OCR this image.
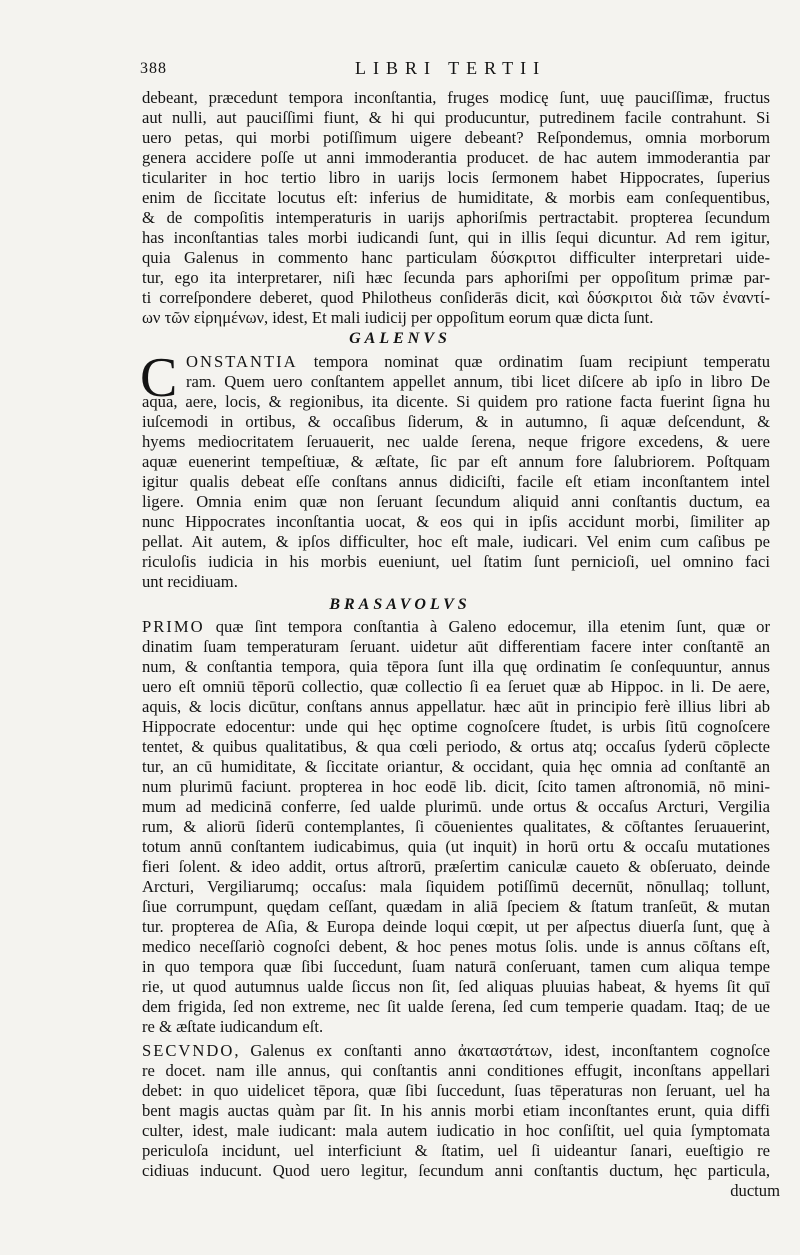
388	LIBRI TERTII
debeant, præcedunt tempora inconſtantia, fruges modicę ſunt, uuę pauciſſimæ, fructus
aut nulli, aut pauciſſimi fiunt, & hi qui producuntur, putredinem facile contrahunt. Si
uero petas, qui morbi potiſſimum uigere debeant? Reſpondemus, omnia morborum
genera accidere poſſe ut anni immoderantia producet. de hac autem immoderantia par
ticulariter in hoc tertio libro in uarijs locis ſermonem habet Hippocrates, ſuperius
enim de ſiccitate locutus eſt: inferius de humiditate, & morbis eam conſequentibus,
& de compoſitis intemperaturis in uarijs aphoriſmis pertractabit. propterea ſecundum
has inconſtantias tales morbi iudicandi ſunt, qui in illis ſequi dicuntur. Ad rem igitur,
quia Galenus in commento hanc particulam δύσκριτοι difficulter interpretari uide-
tur, ego ita interpretarer, niſi hæc ſecunda pars aphoriſmi per oppoſitum primæ par-
ti correſpondere deberet, quod Philotheus conſiderās dicit, καὶ δύσκριτοι διὰ τῶν ἐναντί-
ων τῶν εἰρημένων, idest, Et mali iudicij per oppoſitum eorum quæ dicta ſunt.
GALENVS
C ONSTANTIA tempora nominat quæ ordinatim ſuam recipiunt temperatu
ram. Quem uero conſtantem appellet annum, tibi licet diſcere ab ipſo in libro De
aqua, aere, locis, & regionibus, ita dicente. Si quidem pro ratione facta fuerint ſigna hu
iuſcemodi in ortibus, & occaſibus ſiderum, & in autumno, ſi aquæ deſcendunt, &
hyems mediocritatem ſeruauerit, nec ualde ſerena, neque frigore excedens, & uere
aquæ euenerint tempeſtiuæ, & æſtate, ſic par eſt annum fore ſalubriorem. Poſtquam
igitur qualis debeat eſſe conſtans annus didiciſti, facile eſt etiam inconſtantem intel
ligere. Omnia enim quæ non ſeruant ſecundum aliquid anni conſtantis ductum, ea
nunc Hippocrates inconſtantia uocat, & eos qui in ipſis accidunt morbi, ſimiliter ap
pellat. Ait autem, & ipſos difficulter, hoc eſt male, iudicari. Vel enim cum caſibus pe
riculoſis iudicia in his morbis eueniunt, uel ſtatim ſunt pernicioſi, uel omnino faci
unt recidiuam.
BRASAVOLVS
PRIMO quæ ſint tempora conſtantia à Galeno edocemur, illa etenim ſunt, quæ or
dinatim ſuam temperaturam ſeruant. uidetur aūt differentiam facere inter conſtantē an
num, & conſtantia tempora, quia tēpora ſunt illa quę ordinatim ſe conſequuntur, annus
uero eſt omniū tēporū collectio, quæ collectio ſi ea ſeruet quæ ab Hippoc. in li. De aere,
aquis, & locis dicūtur, conſtans annus appellatur. hæc aūt in principio ferè illius libri ab
Hippocrate edocentur: unde qui hęc optime cognoſcere ſtudet, is urbis ſitū cognoſcere
tentet, & quibus qualitatibus, & qua cœli periodo, & ortus atq; occaſus ſyderū cōplecte
tur, an cū humiditate, & ſiccitate oriantur, & occidant, quia hęc omnia ad conſtantē an
num plurimū faciunt. propterea in hoc eodē lib. dicit, ſcito tamen aſtronomiā, nō mini-
mum ad medicinā conferre, ſed ualde plurimū. unde ortus & occaſus Arcturi, Vergilia
rum, & aliorū ſiderū contemplantes, ſi cōuenientes qualitates, & cōſtantes ſeruauerint,
totum annū conſtantem iudicabimus, quia (ut inquit) in horū ortu & occaſu mutationes
fieri ſolent. & ideo addit, ortus aſtrorū, præſertim caniculæ caueto & obſeruato, deinde
Arcturi, Vergiliarumq; occaſus: mala ſiquidem potiſſimū decernūt, nōnullaq; tollunt,
ſiue corrumpunt, quędam ceſſant, quædam in aliā ſpeciem & ſtatum tranſeūt, & mutan
tur. propterea de Aſia, & Europa deinde loqui cœpit, ut per aſpectus diuerſa ſunt, quę à
medico neceſſariò cognoſci debent, & hoc penes motus ſolis. unde is annus cōſtans eſt,
in quo tempora quæ ſibi ſuccedunt, ſuam naturā conſeruant, tamen cum aliqua tempe
rie, ut quod autumnus ualde ſiccus non ſit, ſed aliquas pluuias habeat, & hyems ſit quī
dem frigida, ſed non extreme, nec ſit ualde ſerena, ſed cum temperie quadam. Itaq; de ue
re & æſtate iudicandum eſt.
SECVNDO, Galenus ex conſtanti anno ἀκαταστάτων, idest, inconſtantem cognoſce
re docet. nam ille annus, qui conſtantis anni conditiones effugit, inconſtans appellari
debet: in quo uidelicet tēpora, quæ ſibi ſuccedunt, ſuas tēperaturas non ſeruant, uel ha
bent magis auctas quàm par ſit. In his annis morbi etiam inconſtantes erunt, quia diffi
culter, idest, male iudicant: mala autem iudicatio in hoc conſiſtit, uel quia ſymptomata
periculoſa incidunt, uel interficiunt & ſtatim, uel ſi uideantur ſanari, eueſtigio re
cidiuas inducunt. Quod uero legitur, ſecundum anni conſtantis ductum, hęc particula,
ductum
